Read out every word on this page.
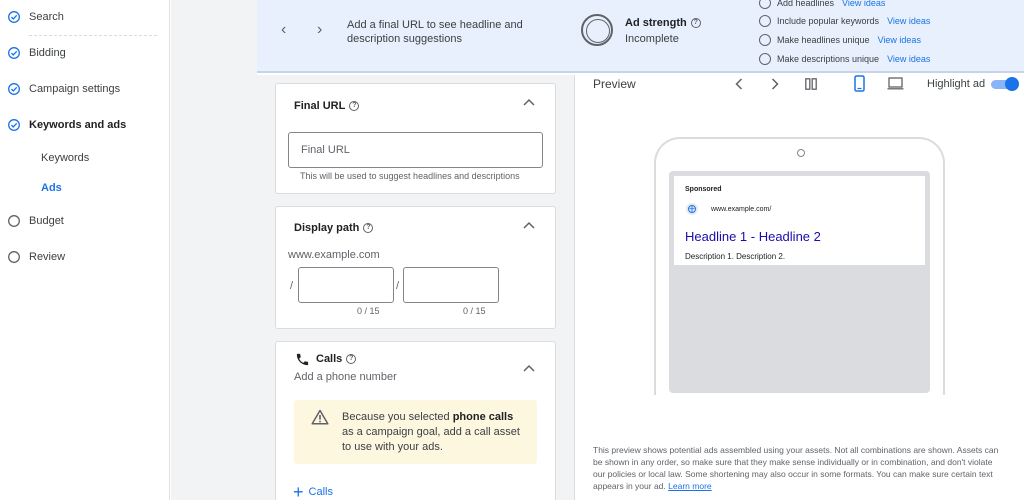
Search
Bidding
Campaign settings
Keywords and ads
Keywords
Ads
Budget
Review
‹ › Add a final URL to see headline and description suggestions
Ad strength ?
Incomplete
Add headlines View ideas
Include popular keywords View ideas
Make headlines unique View ideas
Make descriptions unique View ideas
Final URL ?
Final URL
This will be used to suggest headlines and descriptions
Display path ?
www.example.com
/	/
0 / 15	0 / 15
Calls ?
Add a phone number
Because you selected phone calls as a campaign goal, add a call asset to use with your ads.
+ Calls
Preview	Highlight ad
Sponsored
www.example.com/
Headline 1 - Headline 2
Description 1. Description 2.
This preview shows potential ads assembled using your assets. Not all combinations are shown. Assets can be shown in any order, so make sure that they make sense individually or in combination, and don't violate our policies or local law. Some shortening may also occur in some formats. You can make sure certain text appears in your ad. Learn more
